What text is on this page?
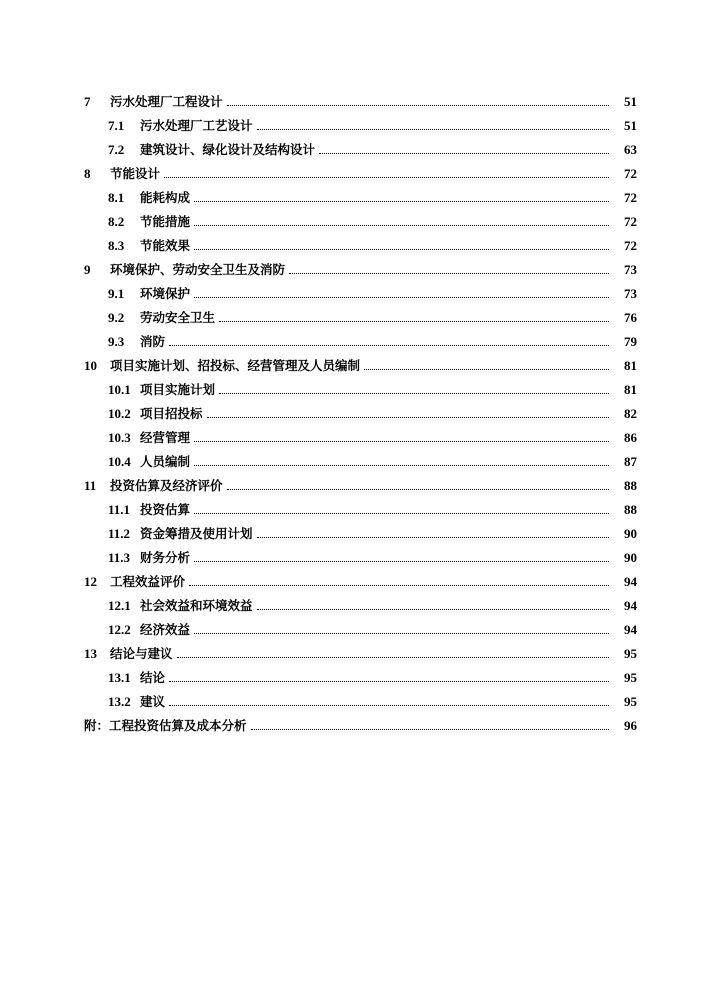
7	污水处理厂工程设计	51
7.1	污水处理厂工艺设计	51
7.2	建筑设计、绿化设计及结构设计	63
8	节能设计	72
8.1	能耗构成	72
8.2	节能措施	72
8.3	节能效果	72
9	环境保护、劳动安全卫生及消防	73
9.1	环境保护	73
9.2	劳动安全卫生	76
9.3	消防	79
10	项目实施计划、招投标、经营管理及人员编制	81
10.1 项目实施计划	81
10.2 项目招投标	82
10.3 经营管理	86
10.4 人员编制	87
11	投资估算及经济评价	88
11.1 投资估算	88
11.2 资金筹措及使用计划	90
11.3 财务分析	90
12	工程效益评价	94
12.1 社会效益和环境效益	94
12.2 经济效益	94
13	结论与建议	95
13.1 结论	95
13.2 建议	95
附：工程投资估算及成本分析	96
